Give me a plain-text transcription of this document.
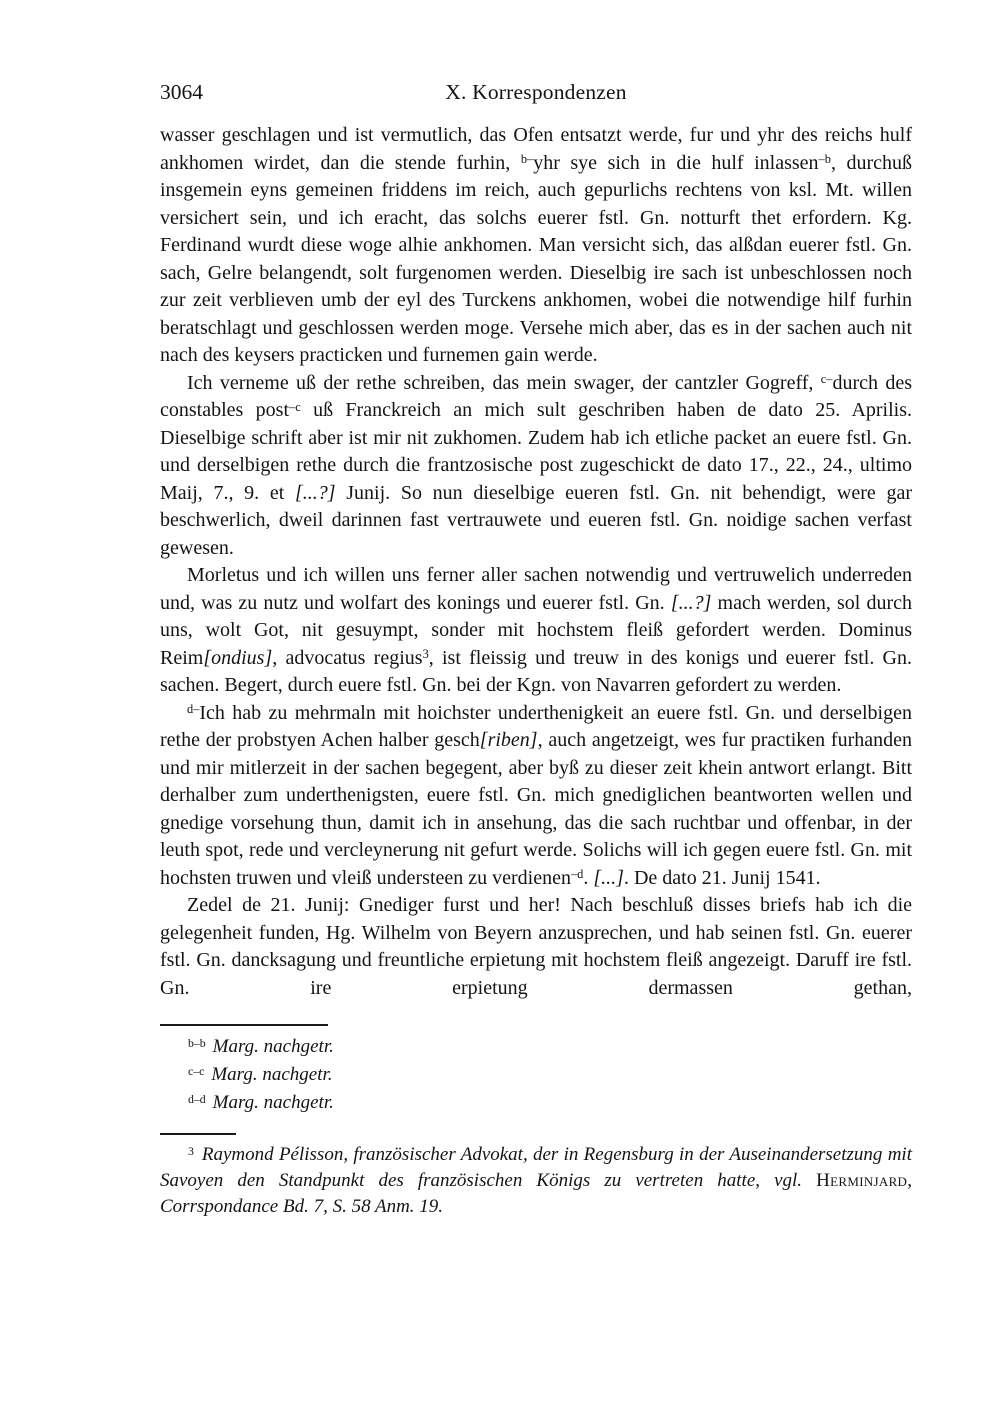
3064	X. Korrespondenzen

wasser geschlagen und ist vermutlich, das Ofen entsatzt werde, fur und yhr des reichs hulf ankhomen wirdet, dan die stende furhin, $^{b-}$yhr sye sich in die hulf inlassen$^{-b}$, durchuß insgemein eyns gemeinen friddens im reich, auch gepurlichs rechtens von ksl. Mt. willen versichert sein, und ich eracht, das solchs euerer fstl. Gn. notturft thet erfordern. Kg. Ferdinand wurdt diese woge alhie ankhomen. Man versicht sich, das alßdan euerer fstl. Gn. sach, Gelre belangendt, solt furgenomen werden. Dieselbig ire sach ist unbeschlossen noch zur zeit verblieven umb der eyl des Turckens ankhomen, wobei die notwendige hilf furhin beratschlagt und geschlossen werden moge. Versehe mich aber, das es in der sachen auch nit nach des keysers practicken und furnemen gain werde.

Ich verneme uß der rethe schreiben, das mein swager, der cantzler Gogreff, $^{c-}$durch des constables post$^{-c}$ uß Franckreich an mich sult geschriben haben de dato 25. Aprilis. Dieselbige schrift aber ist mir nit zukhomen. Zudem hab ich etliche packet an euere fstl. Gn. und derselbigen rethe durch die frantzosische post zugeschickt de dato 17., 22., 24., ultimo Maij, 7., 9. et [...?] Junij. So nun dieselbige eueren fstl. Gn. nit behendigt, were gar beschwerlich, dweil darinnen fast vertrauwete und eueren fstl. Gn. noidige sachen verfast gewesen.

Morletus und ich willen uns ferner aller sachen notwendig und vertruwelich underreden und, was zu nutz und wolfart des konings und euerer fstl. Gn. [...?] mach werden, sol durch uns, wolt Got, nit gesuympt, sonder mit hochstem fleiß gefordert werden. Dominus Reim[ondius], advocatus regius$^3$, ist fleissig und treuw in des konigs und euerer fstl. Gn. sachen. Begert, durch euere fstl. Gn. bei der Kgn. von Navarren gefordert zu werden.

$^{d-}$Ich hab zu mehrmaln mit hoichster underthenigkeit an euere fstl. Gn. und derselbigen rethe der probstyen Achen halber gesch[riben], auch angetzeigt, wes fur practiken furhanden und mir mitlerzeit in der sachen begegent, aber byß zu dieser zeit khein antwort erlangt. Bitt derhalber zum underthenigsten, euere fstl. Gn. mich gnediglichen beantworten wellen und gnedige vorsehung thun, damit ich in ansehung, das die sach ruchtbar und offenbar, in der leuth spot, rede und vercleynerung nit gefurt werde. Solichs will ich gegen euere fstl. Gn. mit hochsten truwen und vleiß understeen zu verdienen$^{-d}$. [...]. De dato 21. Junij 1541.

Zedel de 21. Junij: Gnediger furst und her! Nach beschluß disses briefs hab ich die gelegenheit funden, Hg. Wilhelm von Beyern anzusprechen, und hab seinen fstl. Gn. euerer fstl. Gn. dancksagung und freuntliche erpietung mit hochstem fleiß angezeigt. Daruff ire fstl. Gn. ire erpietung dermassen gethan,

$^{b-b}$ Marg. nachgetr.
$^{c-c}$ Marg. nachgetr.
$^{d-d}$ Marg. nachgetr.

$^3$ Raymond Pélisson, französischer Advokat, der in Regensburg in der Auseinandersetzung mit Savoyen den Standpunkt des französischen Königs zu vertreten hatte, vgl. Herminjard, Corrspondance Bd. 7, S. 58 Anm. 19.
